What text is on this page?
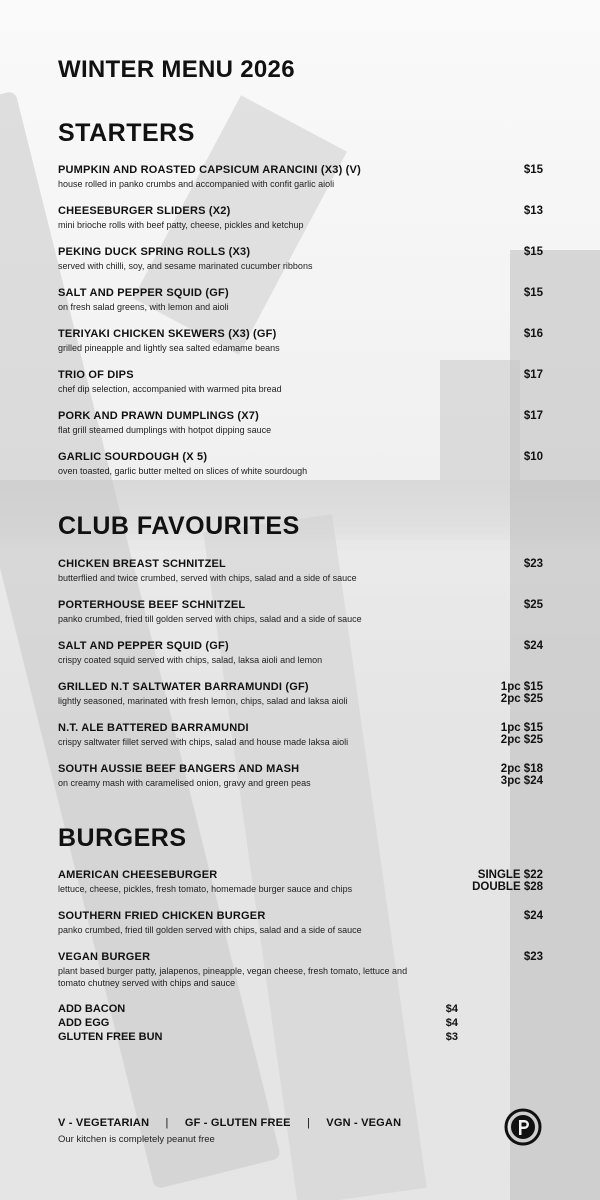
WINTER MENU 2026
STARTERS
PUMPKIN AND ROASTED CAPSICUM ARANCINI (X3) (V)
house rolled in panko crumbs and accompanied with confit garlic aioli
$15
CHEESEBURGER SLIDERS (X2)
mini brioche rolls with beef patty, cheese, pickles and ketchup
$13
PEKING DUCK SPRING ROLLS (X3)
served with chilli, soy, and sesame marinated cucumber ribbons
$15
SALT AND PEPPER SQUID (GF)
on fresh salad greens, with lemon and aioli
$15
TERIYAKI CHICKEN SKEWERS (X3) (GF)
grilled pineapple and lightly sea salted edamame beans
$16
TRIO OF DIPS
chef dip selection, accompanied with warmed pita bread
$17
PORK AND PRAWN DUMPLINGS (X7)
flat grill steamed dumplings with hotpot dipping sauce
$17
GARLIC SOURDOUGH (X 5)
oven toasted, garlic butter melted on slices of white sourdough
$10
CLUB FAVOURITES
CHICKEN BREAST SCHNITZEL
butterflied and twice crumbed, served with chips, salad and a side of sauce
$23
PORTERHOUSE BEEF SCHNITZEL
panko crumbed, fried till golden served with chips, salad and a side of sauce
$25
SALT AND PEPPER SQUID (GF)
crispy coated squid served with chips, salad, laksa aioli and lemon
$24
GRILLED N.T SALTWATER BARRAMUNDI (GF)
lightly seasoned, marinated with fresh lemon, chips, salad and laksa aioli
1pc $15
2pc $25
N.T. ALE BATTERED BARRAMUNDI
crispy saltwater fillet served with chips, salad and house made laksa aioli
1pc $15
2pc $25
SOUTH AUSSIE BEEF BANGERS AND MASH
on creamy mash with caramelised onion, gravy and green peas
2pc $18
3pc $24
BURGERS
AMERICAN CHEESEBURGER
lettuce, cheese, pickles, fresh tomato, homemade burger sauce and chips
SINGLE $22
DOUBLE $28
SOUTHERN FRIED CHICKEN BURGER
panko crumbed, fried till golden served with chips, salad and a side of sauce
$24
VEGAN BURGER
plant based burger patty, jalapenos, pineapple, vegan cheese, fresh tomato, lettuce and tomato chutney served with chips and sauce
$23
ADD BACON	$4
ADD EGG	$4
GLUTEN FREE BUN	$3
V - VEGETARIAN | GF - GLUTEN FREE | VGN - VEGAN
Our kitchen is completely peanut free
